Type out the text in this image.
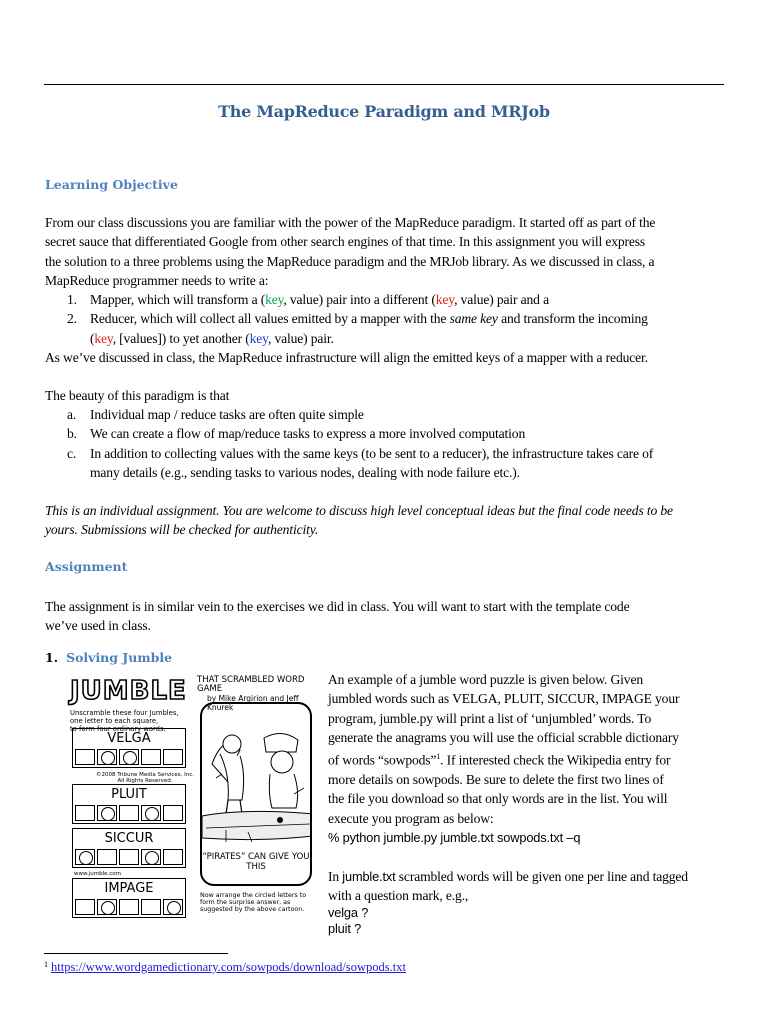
The MapReduce Paradigm and MRJob
Learning Objective
From our class discussions you are familiar with the power of the MapReduce paradigm. It started off as part of the
secret sauce that differentiated Google from other search engines of that time. In this assignment you will express
the solution to a three problems using the MapReduce paradigm and the MRJob library. As we discussed in class, a
MapReduce programmer needs to write a:
1. Mapper, which will transform a (key, value) pair into a different (key, value) pair and a
2. Reducer, which will collect all values emitted by a mapper with the same key and transform the incoming
(key, [values]) to yet another (key, value) pair.
As we’ve discussed in class, the MapReduce infrastructure will align the emitted keys of a mapper with a reducer.
The beauty of this paradigm is that
a. Individual map / reduce tasks are often quite simple
b. We can create a flow of map/reduce tasks to express a more involved computation
c. In addition to collecting values with the same keys (to be sent to a reducer), the infrastructure takes care of
many details (e.g., sending tasks to various nodes, dealing with node failure etc.).
This is an individual assignment. You are welcome to discuss high level conceptual ideas but the final code needs to be
yours. Submissions will be checked for authenticity.
Assignment
The assignment is in similar vein to the exercises we did in class. You will want to start with the template code
we’ve used in class.
1. Solving Jumble
JUMBLE THAT SCRAMBLED WORD GAME
by Mike Argirion and Jeff Knurek
Unscramble these four Jumbles,
one letter to each square,
to form four ordinary words.
VELGA
©2008 Tribune Media Services, Inc.
All Rights Reserved.
PLUIT
SICCUR
www.jumble.com
IMPAGE
“PIRATES” CAN GIVE YOU THIS
Now arrange the circled letters to form the surprise answer, as suggested by the above cartoon.
An example of a jumble word puzzle is given below. Given
jumbled words such as VELGA, PLUIT, SICCUR, IMPAGE your
program, jumble.py will print a list of ‘unjumbled’ words. To
generate the anagrams you will use the official scrabble dictionary
of words “sowpods”$^1$. If interested check the Wikipedia entry for
more details on sowpods. Be sure to delete the first two lines of
the file you download so that only words are in the list. You will
execute you program as below:
% python jumble.py jumble.txt sowpods.txt –q
In jumble.txt scrambled words will be given one per line and tagged
with a question mark, e.g.,
velga ?
pluit ?
$^1$ https://www.wordgamedictionary.com/sowpods/download/sowpods.txt
